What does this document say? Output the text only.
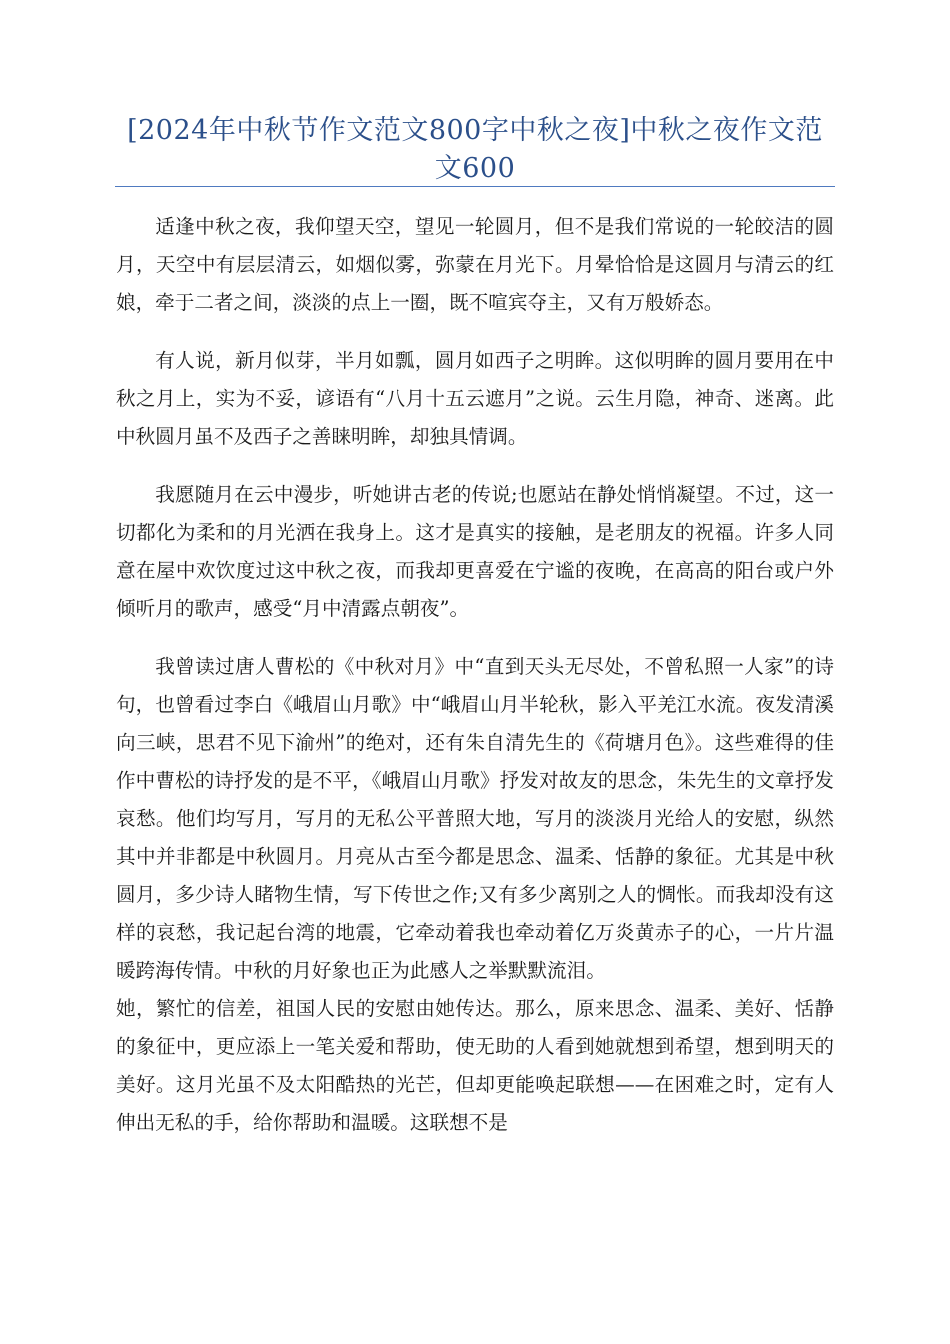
[2024年中秋节作文范文800字中秋之夜]中秋之夜作文范文600

适逢中秋之夜，我仰望天空，望见一轮圆月，但不是我们常说的一轮皎洁的圆月，天空中有层层清云，如烟似雾，弥蒙在月光下。月晕恰恰是这圆月与清云的红娘，牵于二者之间，淡淡的点上一圈，既不喧宾夺主，又有万般娇态。

有人说，新月似芽，半月如瓢，圆月如西子之明眸。这似明眸的圆月要用在中秋之月上，实为不妥，谚语有“八月十五云遮月”之说。云生月隐，神奇、迷离。此中秋圆月虽不及西子之善睐明眸，却独具情调。

我愿随月在云中漫步，听她讲古老的传说;也愿站在静处悄悄凝望。不过，这一切都化为柔和的月光洒在我身上。这才是真实的接触，是老朋友的祝福。许多人同意在屋中欢饮度过这中秋之夜，而我却更喜爱在宁谧的夜晚，在高高的阳台或户外倾听月的歌声，感受“月中清露点朝夜”。

我曾读过唐人曹松的《中秋对月》中“直到天头无尽处，不曾私照一人家”的诗句，也曾看过李白《峨眉山月歌》中“峨眉山月半轮秋，影入平羌江水流。夜发清溪向三峡，思君不见下渝州”的绝对，还有朱自清先生的《荷塘月色》。这些难得的佳作中曹松的诗抒发的是不平，《峨眉山月歌》抒发对故友的思念，朱先生的文章抒发哀愁。他们均写月，写月的无私公平普照大地，写月的淡淡月光给人的安慰，纵然其中并非都是中秋圆月。月亮从古至今都是思念、温柔、恬静的象征。尤其是中秋圆月，多少诗人睹物生情，写下传世之作;又有多少离别之人的惆怅。而我却没有这样的哀愁，我记起台湾的地震，它牵动着我也牵动着亿万炎黄赤子的心，一片片温暖跨海传情。中秋的月好象也正为此感人之举默默流泪。

她，繁忙的信差，祖国人民的安慰由她传达。那么，原来思念、温柔、美好、恬静的象征中，更应添上一笔关爱和帮助，使无助的人看到她就想到希望，想到明天的美好。这月光虽不及太阳酷热的光芒，但却更能唤起联想——在困难之时，定有人伸出无私的手，给你帮助和温暖。这联想不是
